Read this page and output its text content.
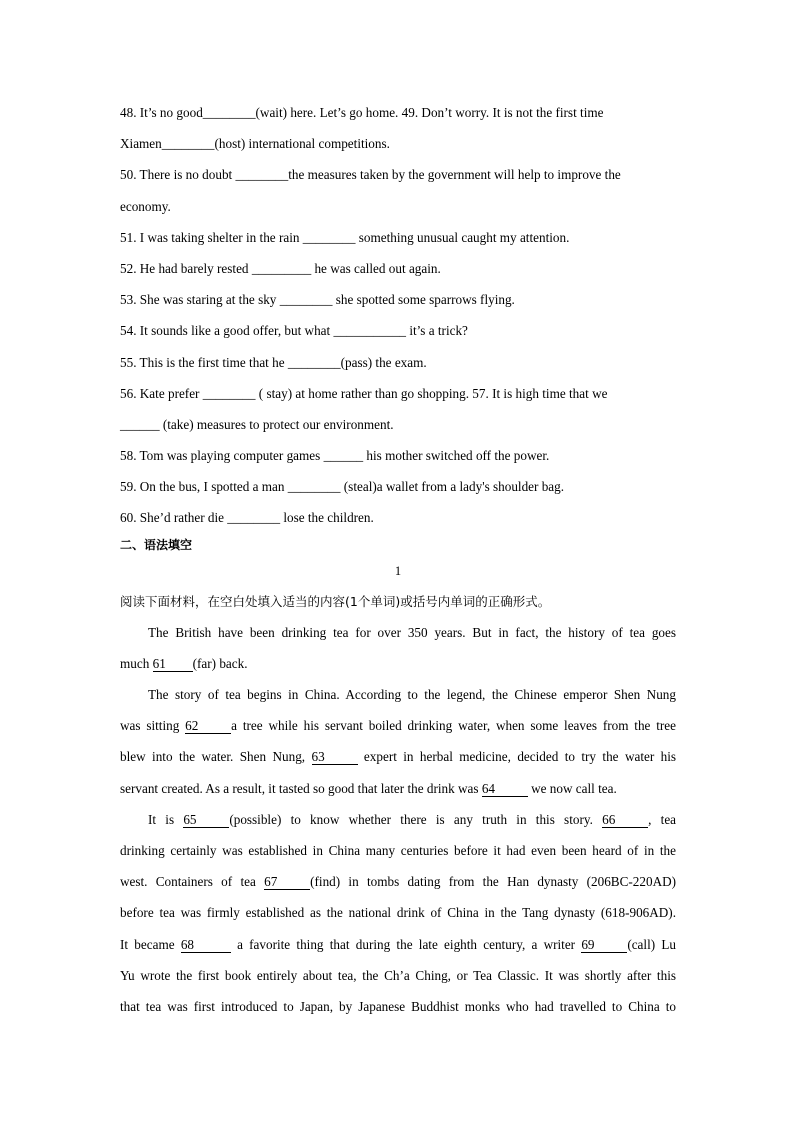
48. It’s no good________(wait) here. Let’s go home. 49. Don’t worry. It is not the first time
Xiamen________(host) international competitions.
50. There is no doubt ________the measures taken by the government will help to improve the
economy.
51. I was taking shelter in the rain ________ something unusual caught my attention.
52. He had barely rested _________ he was called out again.
53. She was staring at the sky ________ she spotted some sparrows flying.
54. It sounds like a good offer, but what ___________ it’s a trick?
55. This is the first time that he ________(pass) the exam.
56. Kate prefer ________ ( stay) at home rather than go shopping. 57. It is high time that we
______ (take) measures to protect our environment.
58. Tom was playing computer games ______ his mother switched off the power.
59. On the bus, I spotted a man ________ (steal)a wallet from a lady's shoulder bag.
60. She’d rather die ________ lose the children.
二、语法填空
1
阅读下面材料，在空白处填入适当的内容(1个单词)或括号内单词的正确形式。
The British have been drinking tea for over 350 years. But in fact, the history of tea goes
much 61 (far) back.
The story of tea begins in China. According to the legend, the Chinese emperor Shen Nung
was sitting 62 a tree while his servant boiled drinking water, when some leaves from the tree
blew into the water. Shen Nung, 63	expert in herbal medicine, decided to try the water his
servant created. As a result, it tasted so good that later the drink was 64	we now call tea.
It is 65 (possible) to know whether there is any truth in this story. 66 , tea
drinking certainly was established in China many centuries before it had even been heard of in the
west. Containers of tea 67 (find) in tombs dating from the Han dynasty (206BC-220AD)
before tea was firmly established as the national drink of China in the Tang dynasty (618-906AD).
It became 68	a favorite thing that during the late eighth century, a writer 69 (call) Lu
Yu wrote the first book entirely about tea, the Ch’a Ching, or Tea Classic. It was shortly after this
that tea was first introduced to Japan, by Japanese Buddhist monks who had travelled to China to
